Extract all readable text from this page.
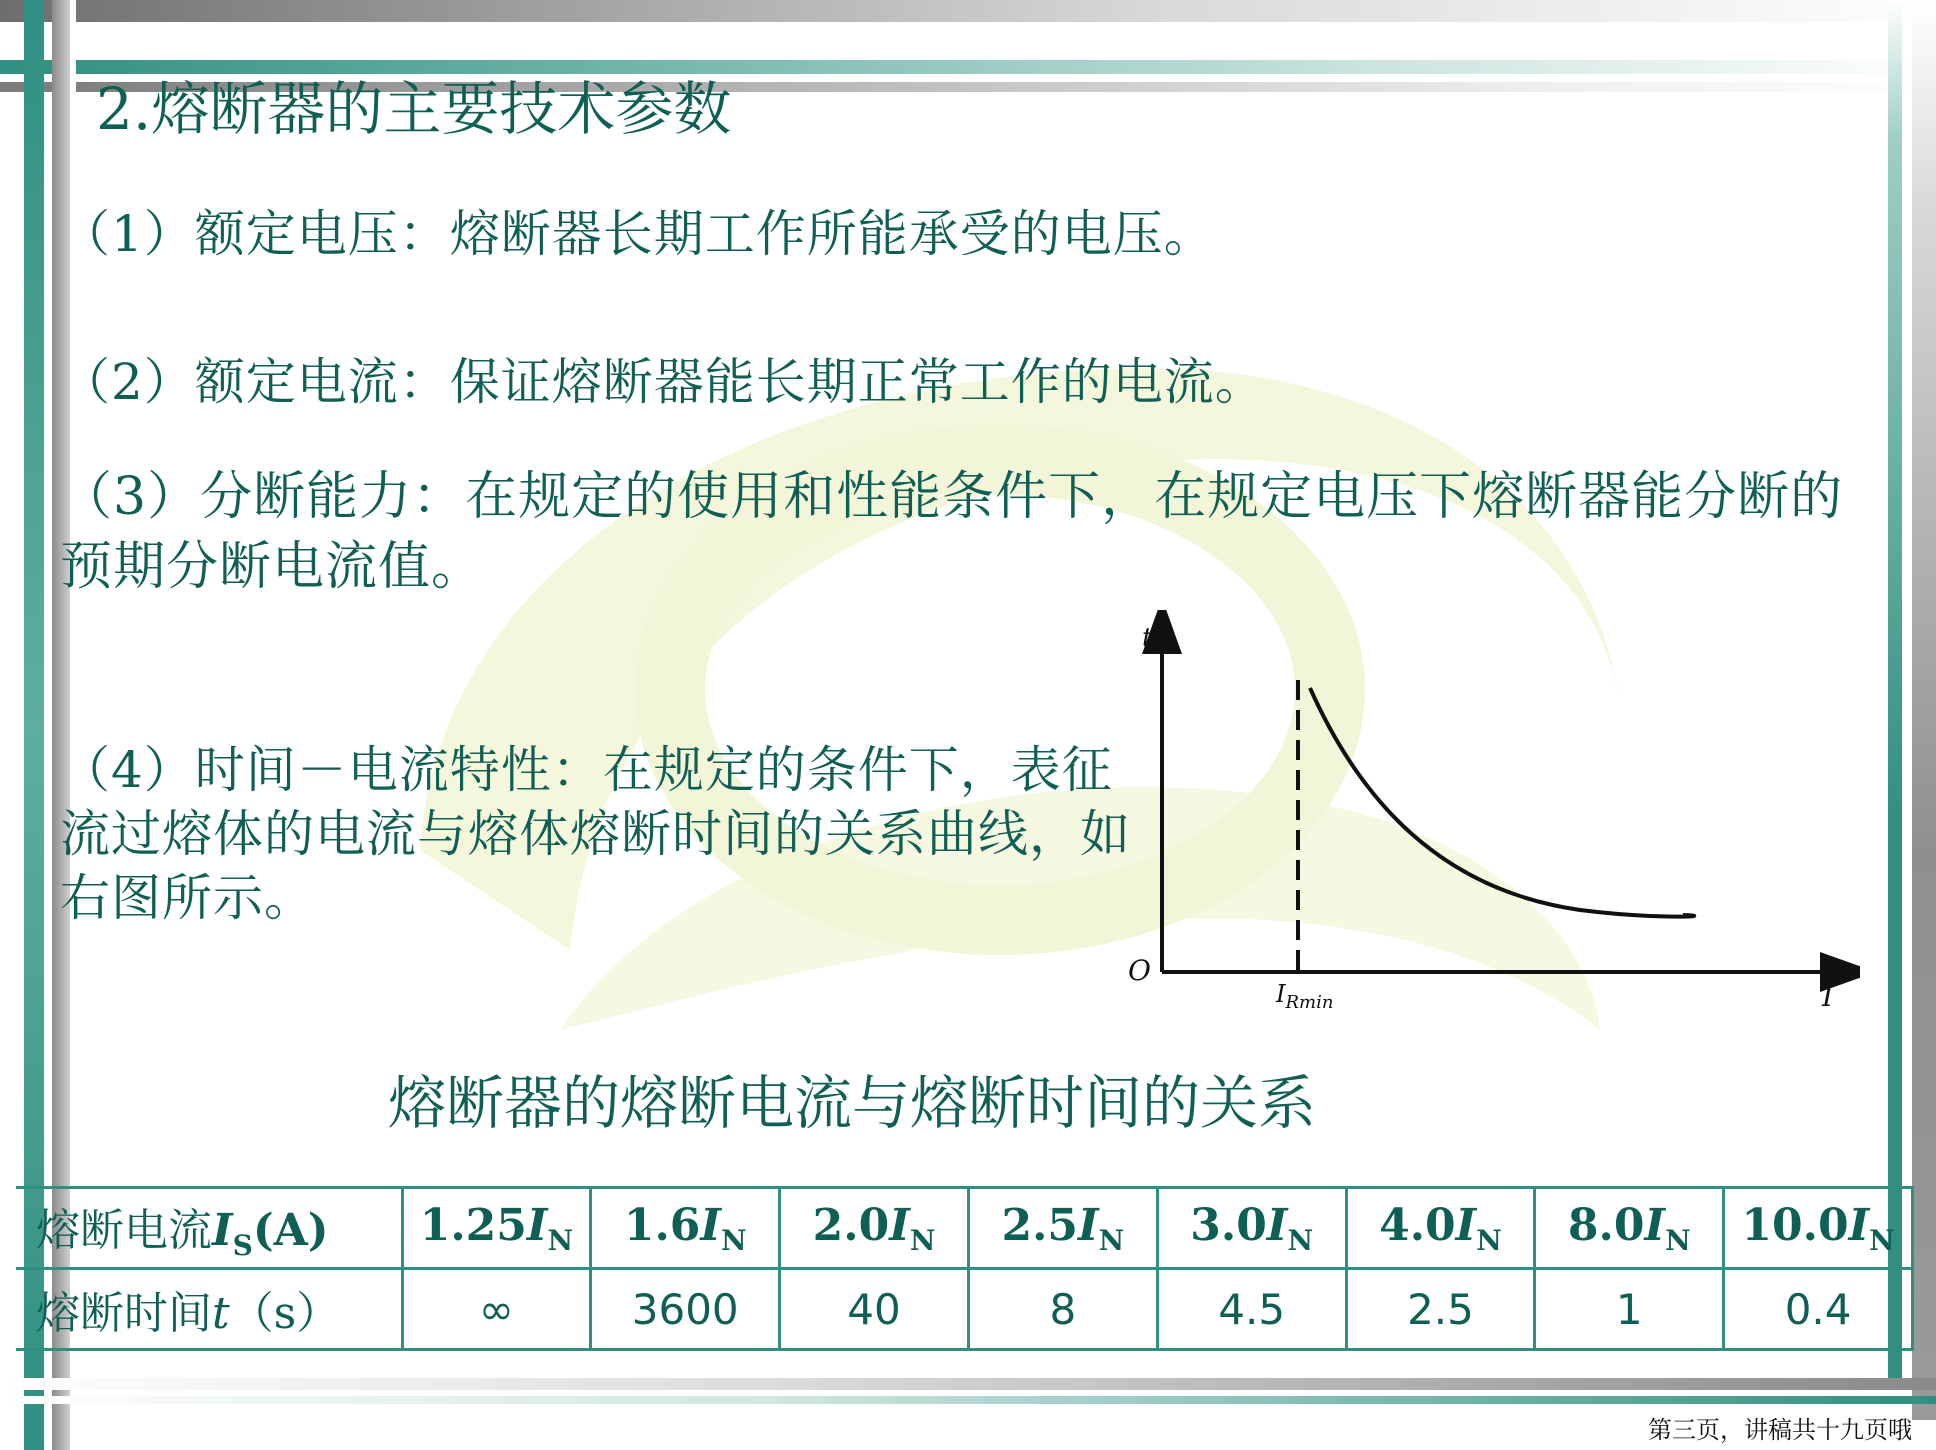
2.熔断器的主要技术参数
（1）额定电压：熔断器长期工作所能承受的电压。
（2）额定电流：保证熔断器能长期正常工作的电流。
（3）分断能力：在规定的使用和性能条件下，在规定电压下熔断器能分断的预期分断电流值。
（4）时间－电流特性：在规定的条件下，表征流过熔体的电流与熔体熔断时间的关系曲线，如右图所示。
t
I
O
$I_{Rmin}$
熔断器的熔断电流与熔断时间的关系
熔断电流$I_S(A)$	$1.25I_N$	$1.6I_N$	$2.0I_N$	$2.5I_N$	$3.0I_N$	$4.0I_N$	$8.0I_N$	$10.0I_N$
熔断时间t（s）	∞	3600	40	8	4.5	2.5	1	0.4
第三页，讲稿共十九页哦
